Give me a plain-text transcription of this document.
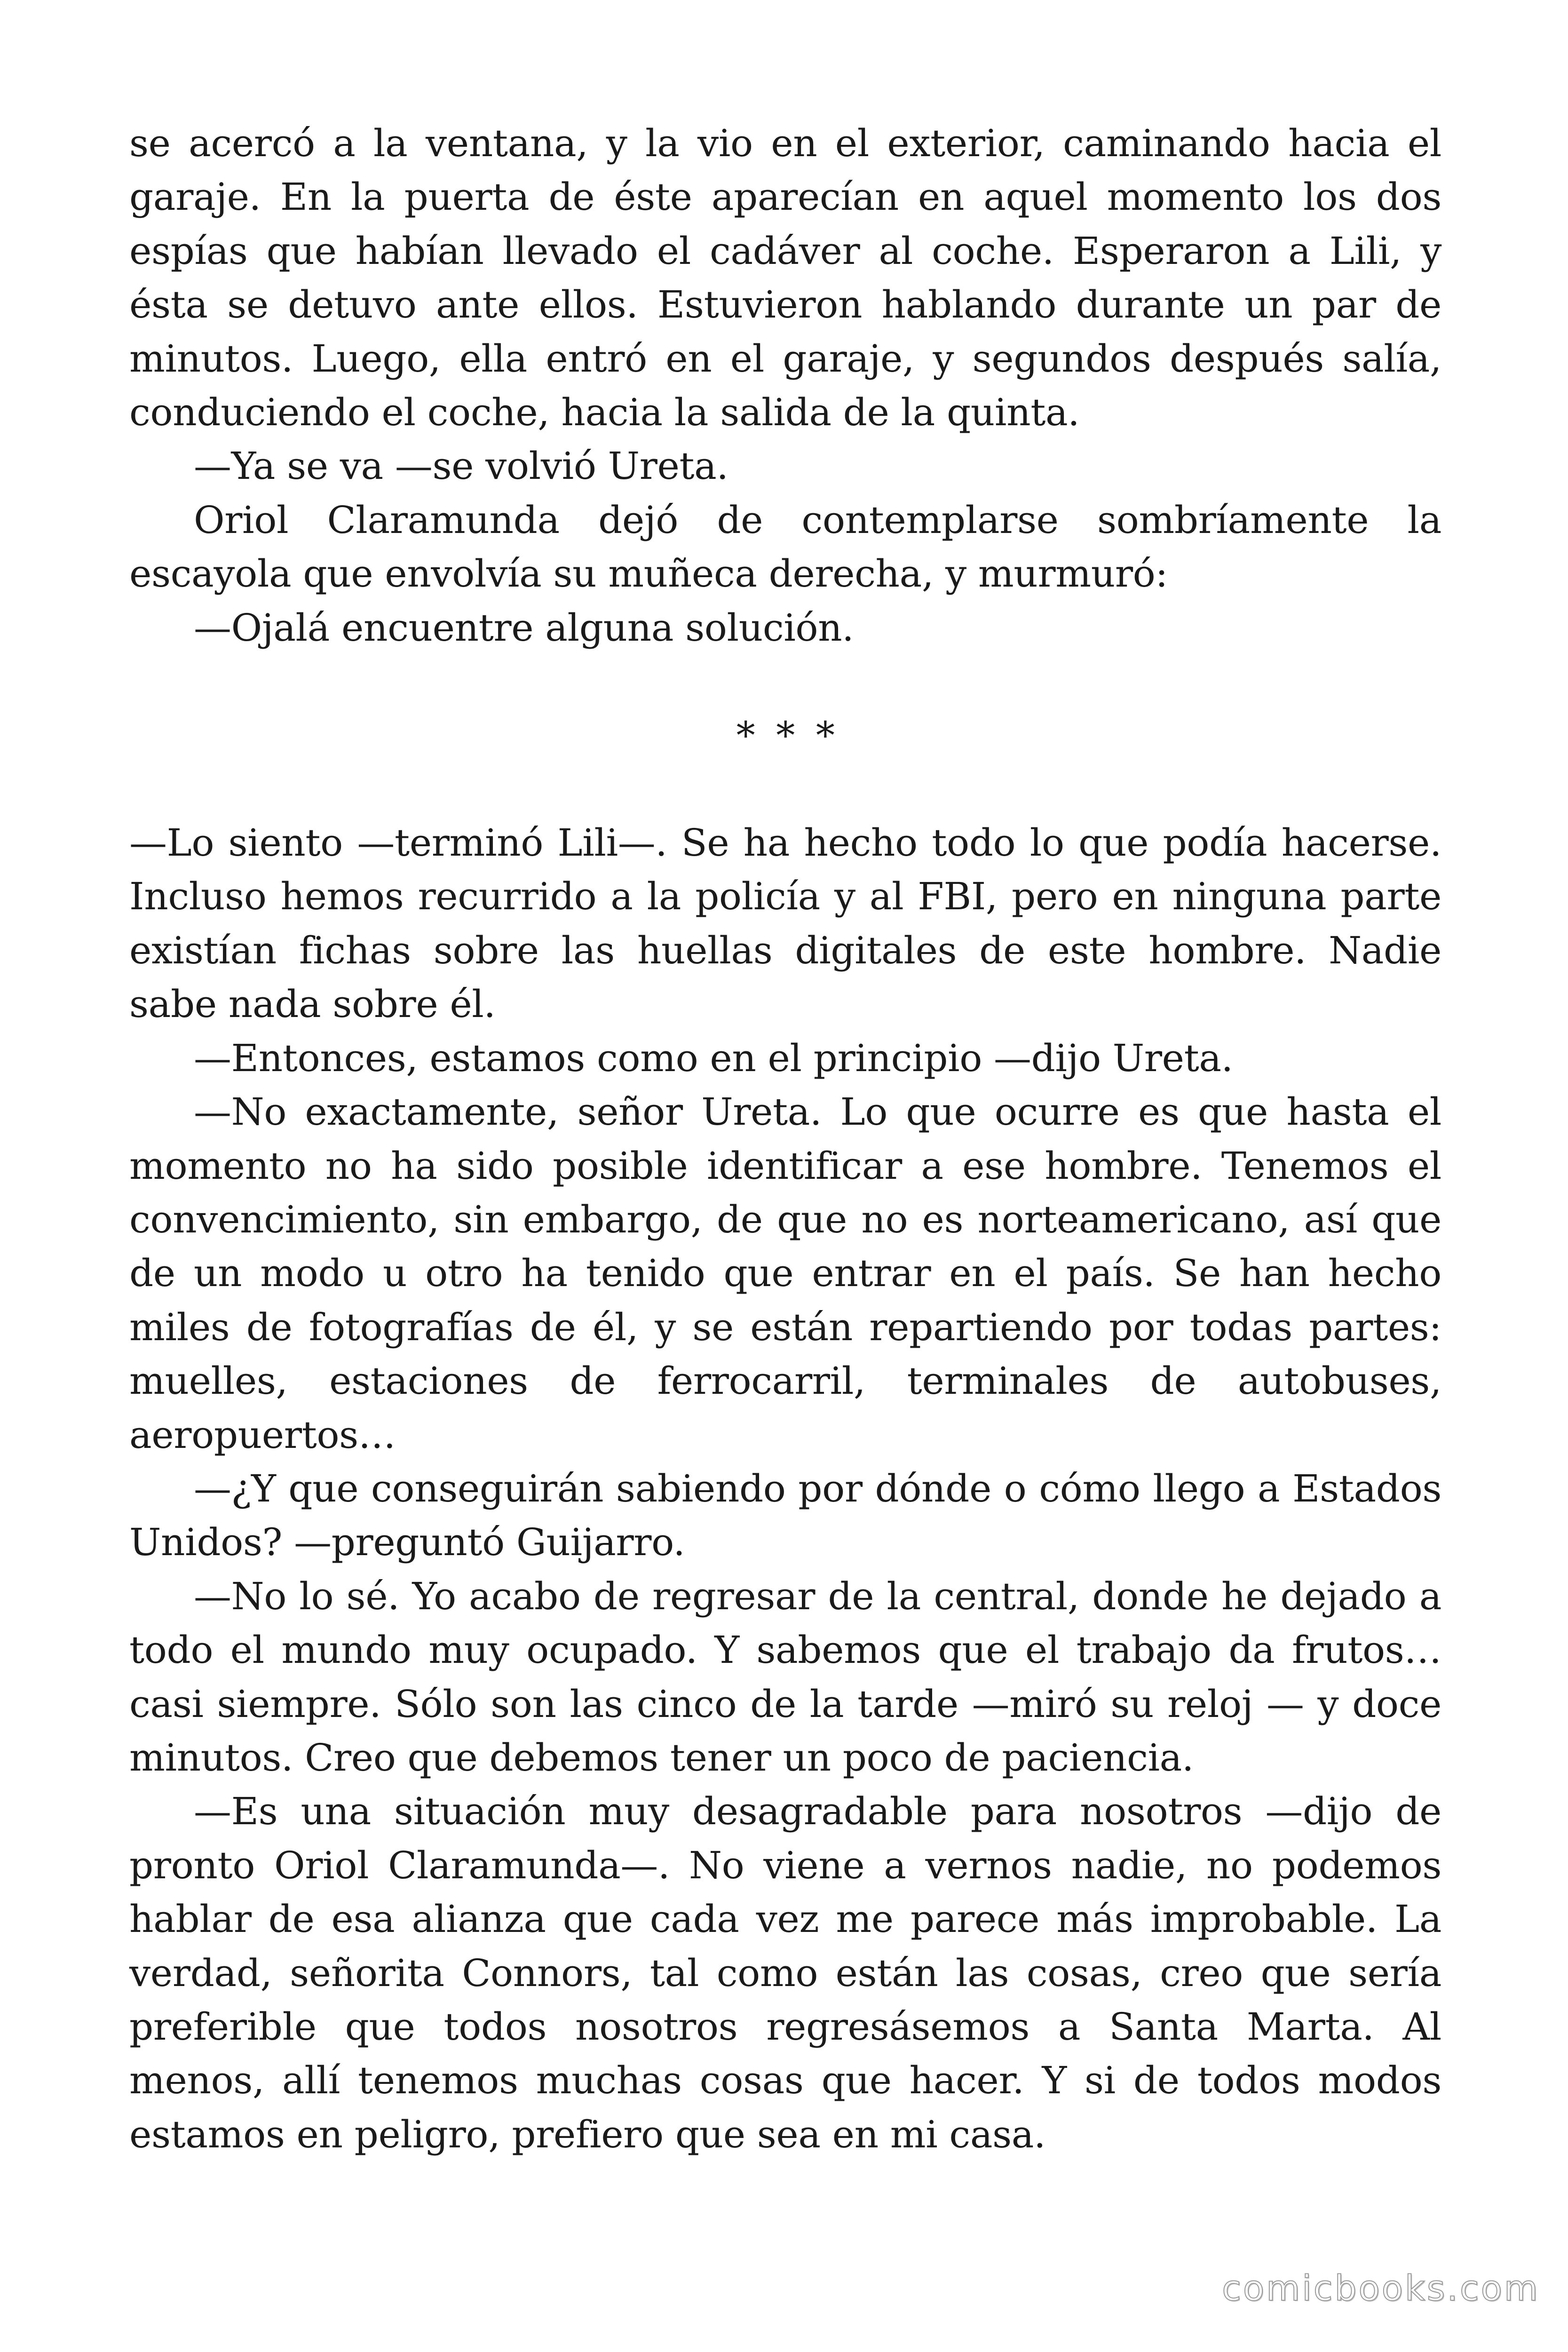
se acercó a la ventana, y la vio en el exterior, caminando hacia el garaje. En la puerta de éste aparecían en aquel momento los dos espías que habían llevado el cadáver al coche. Esperaron a Lili, y ésta se detuvo ante ellos. Estuvieron hablando durante un par de minutos. Luego, ella entró en el garaje, y segundos después salía, conduciendo el coche, hacia la salida de la quinta.

—Ya se va —se volvió Ureta.

Oriol Claramunda dejó de contemplarse sombríamente la escayola que envolvía su muñeca derecha, y murmuró:

—Ojalá encuentre alguna solución.

* * *

—Lo siento —terminó Lili—. Se ha hecho todo lo que podía hacerse. Incluso hemos recurrido a la policía y al FBI, pero en ninguna parte existían fichas sobre las huellas digitales de este hombre. Nadie sabe nada sobre él.

—Entonces, estamos como en el principio —dijo Ureta.

—No exactamente, señor Ureta. Lo que ocurre es que hasta el momento no ha sido posible identificar a ese hombre. Tenemos el convencimiento, sin embargo, de que no es norteamericano, así que de un modo u otro ha tenido que entrar en el país. Se han hecho miles de fotografías de él, y se están repartiendo por todas partes: muelles, estaciones de ferrocarril, terminales de autobuses, aeropuertos…

—¿Y que conseguirán sabiendo por dónde o cómo llego a Estados Unidos? —preguntó Guijarro.

—No lo sé. Yo acabo de regresar de la central, donde he dejado a todo el mundo muy ocupado. Y sabemos que el trabajo da frutos… casi siempre. Sólo son las cinco de la tarde —miró su reloj — y doce minutos. Creo que debemos tener un poco de paciencia.

—Es una situación muy desagradable para nosotros —dijo de pronto Oriol Claramunda—. No viene a vernos nadie, no podemos hablar de esa alianza que cada vez me parece más improbable. La verdad, señorita Connors, tal como están las cosas, creo que sería preferible que todos nosotros regresásemos a Santa Marta. Al menos, allí tenemos muchas cosas que hacer. Y si de todos modos estamos en peligro, prefiero que sea en mi casa.

comicbooks.com
